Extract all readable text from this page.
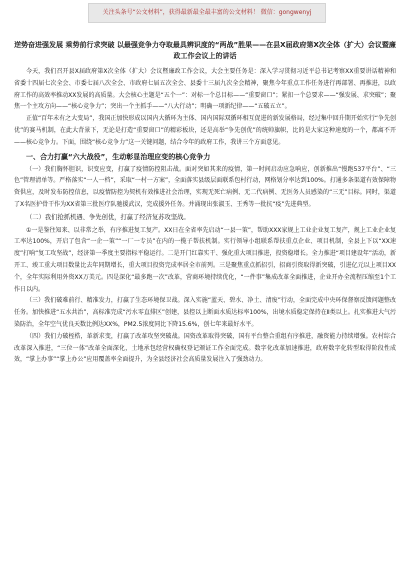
关注头条号“公文材料”，获得最新最全最丰富的公文材料！ 微信：gongwenyj
逆势奋进强发展 乘势前行求突破 以最强竞争力夺取最具辨识度的“两战”胜果——在县X届政府第X次全体（扩大）会议暨廉政工作会议上的讲话

今天，我们召开县X届政府第X次全体（扩大）会议暨廉政工作会议，大会主要任务是：深入学习贯彻习近平总书记考察XX重要讲话精神和省委十四届七次全会、市委七届八次全会、市政府七届五次全会、县委十三届九次全会精神，聚焦今年重点工作任务进行再部署、再推进，以政府工作的高效率推动XX发展的高质量。大会核心主题是“五个一”：对标一个总目标——“重要窗口”；紧扣一个总要求——“强发展、求突破”；聚焦一个主攻方向——“核心竞争力”；突出一个主抓手——“八大行动”；明确一项新纪律——“五破五立”。

正值“百年未有之大变局”，我国正加快形成以国内大循环为主体、国内国际双循环相互促进的新发展格局，经过集中回升期开始实行“争先创优”的赛马机制，在此大背景下，无论是打造“重要窗口”的精彩板块，还是高举“争先创优”的统帅旗帜，比的是大家这种速度的一个，都离不开——核心竞争力。下面，围绕“核心竞争力”这一关键问题，结合今年的政府工作，我讲三个方面意见。

一、合力打赢“六大战役”，生动彰显治理应变的核心竞争力

（一）我们胸怀胆识，识变应变，打赢了疫情防控阻击战。面对突如其来的疫情，第一时间启动应急响应，创新推出“慢跑537平台”、“三色”管理清单等。严格落实“一人一档”，采取“一村一方案”，全面落实县级层面联系包村行动，网格划分率达到100%。打通多条渠道有效保障物资供应，及时发布防控信息，以疫情防控为契机有效推进社会治理，实现无死亡病例、无二代病例、无医务人员感染的“三无”目标。同时，渠道了X名医护骨干作为XX省第三批医疗队驰援武汉，完成援外任务。并涌现出张淑玉、王秀等一批抗“疫”先进典型。

（二）我们抢抓机遇、争先创优，打赢了经济复苏攻坚战。

①一是鉴往知来、以非常之举，有序推进复工复产。XX日在全省率先启动“一县一策”，帮助XXX家规上工业企业复工复产，规上工业企业复工率达100%，开启了包含“一企一策”“一厂一专员”在内的一揽子帮扶机制。实行领导小组联系帮扶重点企业、项目机制，全县上下以“XX速度”打响“复工攻坚战”，经济第一季度主要指标平稳运行。二是开门红靠实干、强化重大项目推进，投资稳增长。全力推进“项目建设年”活动，新开工、竣工重大项目数量比去年同期增长，重大项目投资完成率居全市前列。三是聚焦重点抓招引，招商引资取得新突破，引进亿元以上项目XX个，全年实际利用外资XX万美元。四是深化“最多跑一次”改革，营商环境持续优化，“一件事”集成改革全面推进，企业开办全流程压缩至1个工作日以内。

（三）我们破难前行、精准发力，打赢了生态环境保卫战。深入实施“蓝天、碧水、净土、清废”行动，全面完成中央环保督察反馈问题整改任务。加快推进“五水共治”，高标准完成“污水零直排区”创建，县控以上断面水质达标率100%，出境水质稳定保持在Ⅱ类以上。扎实推进大气污染防治，全年空气优良天数比例达XX%，PM2.5浓度同比下降15.6%，创七年来最好水平。

（四）我们力破桎梏，革新求变，打赢了改革攻坚突破战。国资改革取得突破，国有平台整合重组有序推进，融资能力持续增强。农村综合改革深入推进，“三位一体”改革全面深化，土地承包经营权确权登记颁证工作全面完成。数字化改革加速推进，政府数字化转型取得阶段性成效，“掌上办事”“掌上办公”应用覆盖率全面提升，为全县经济社会高质量发展注入了强劲动力。
